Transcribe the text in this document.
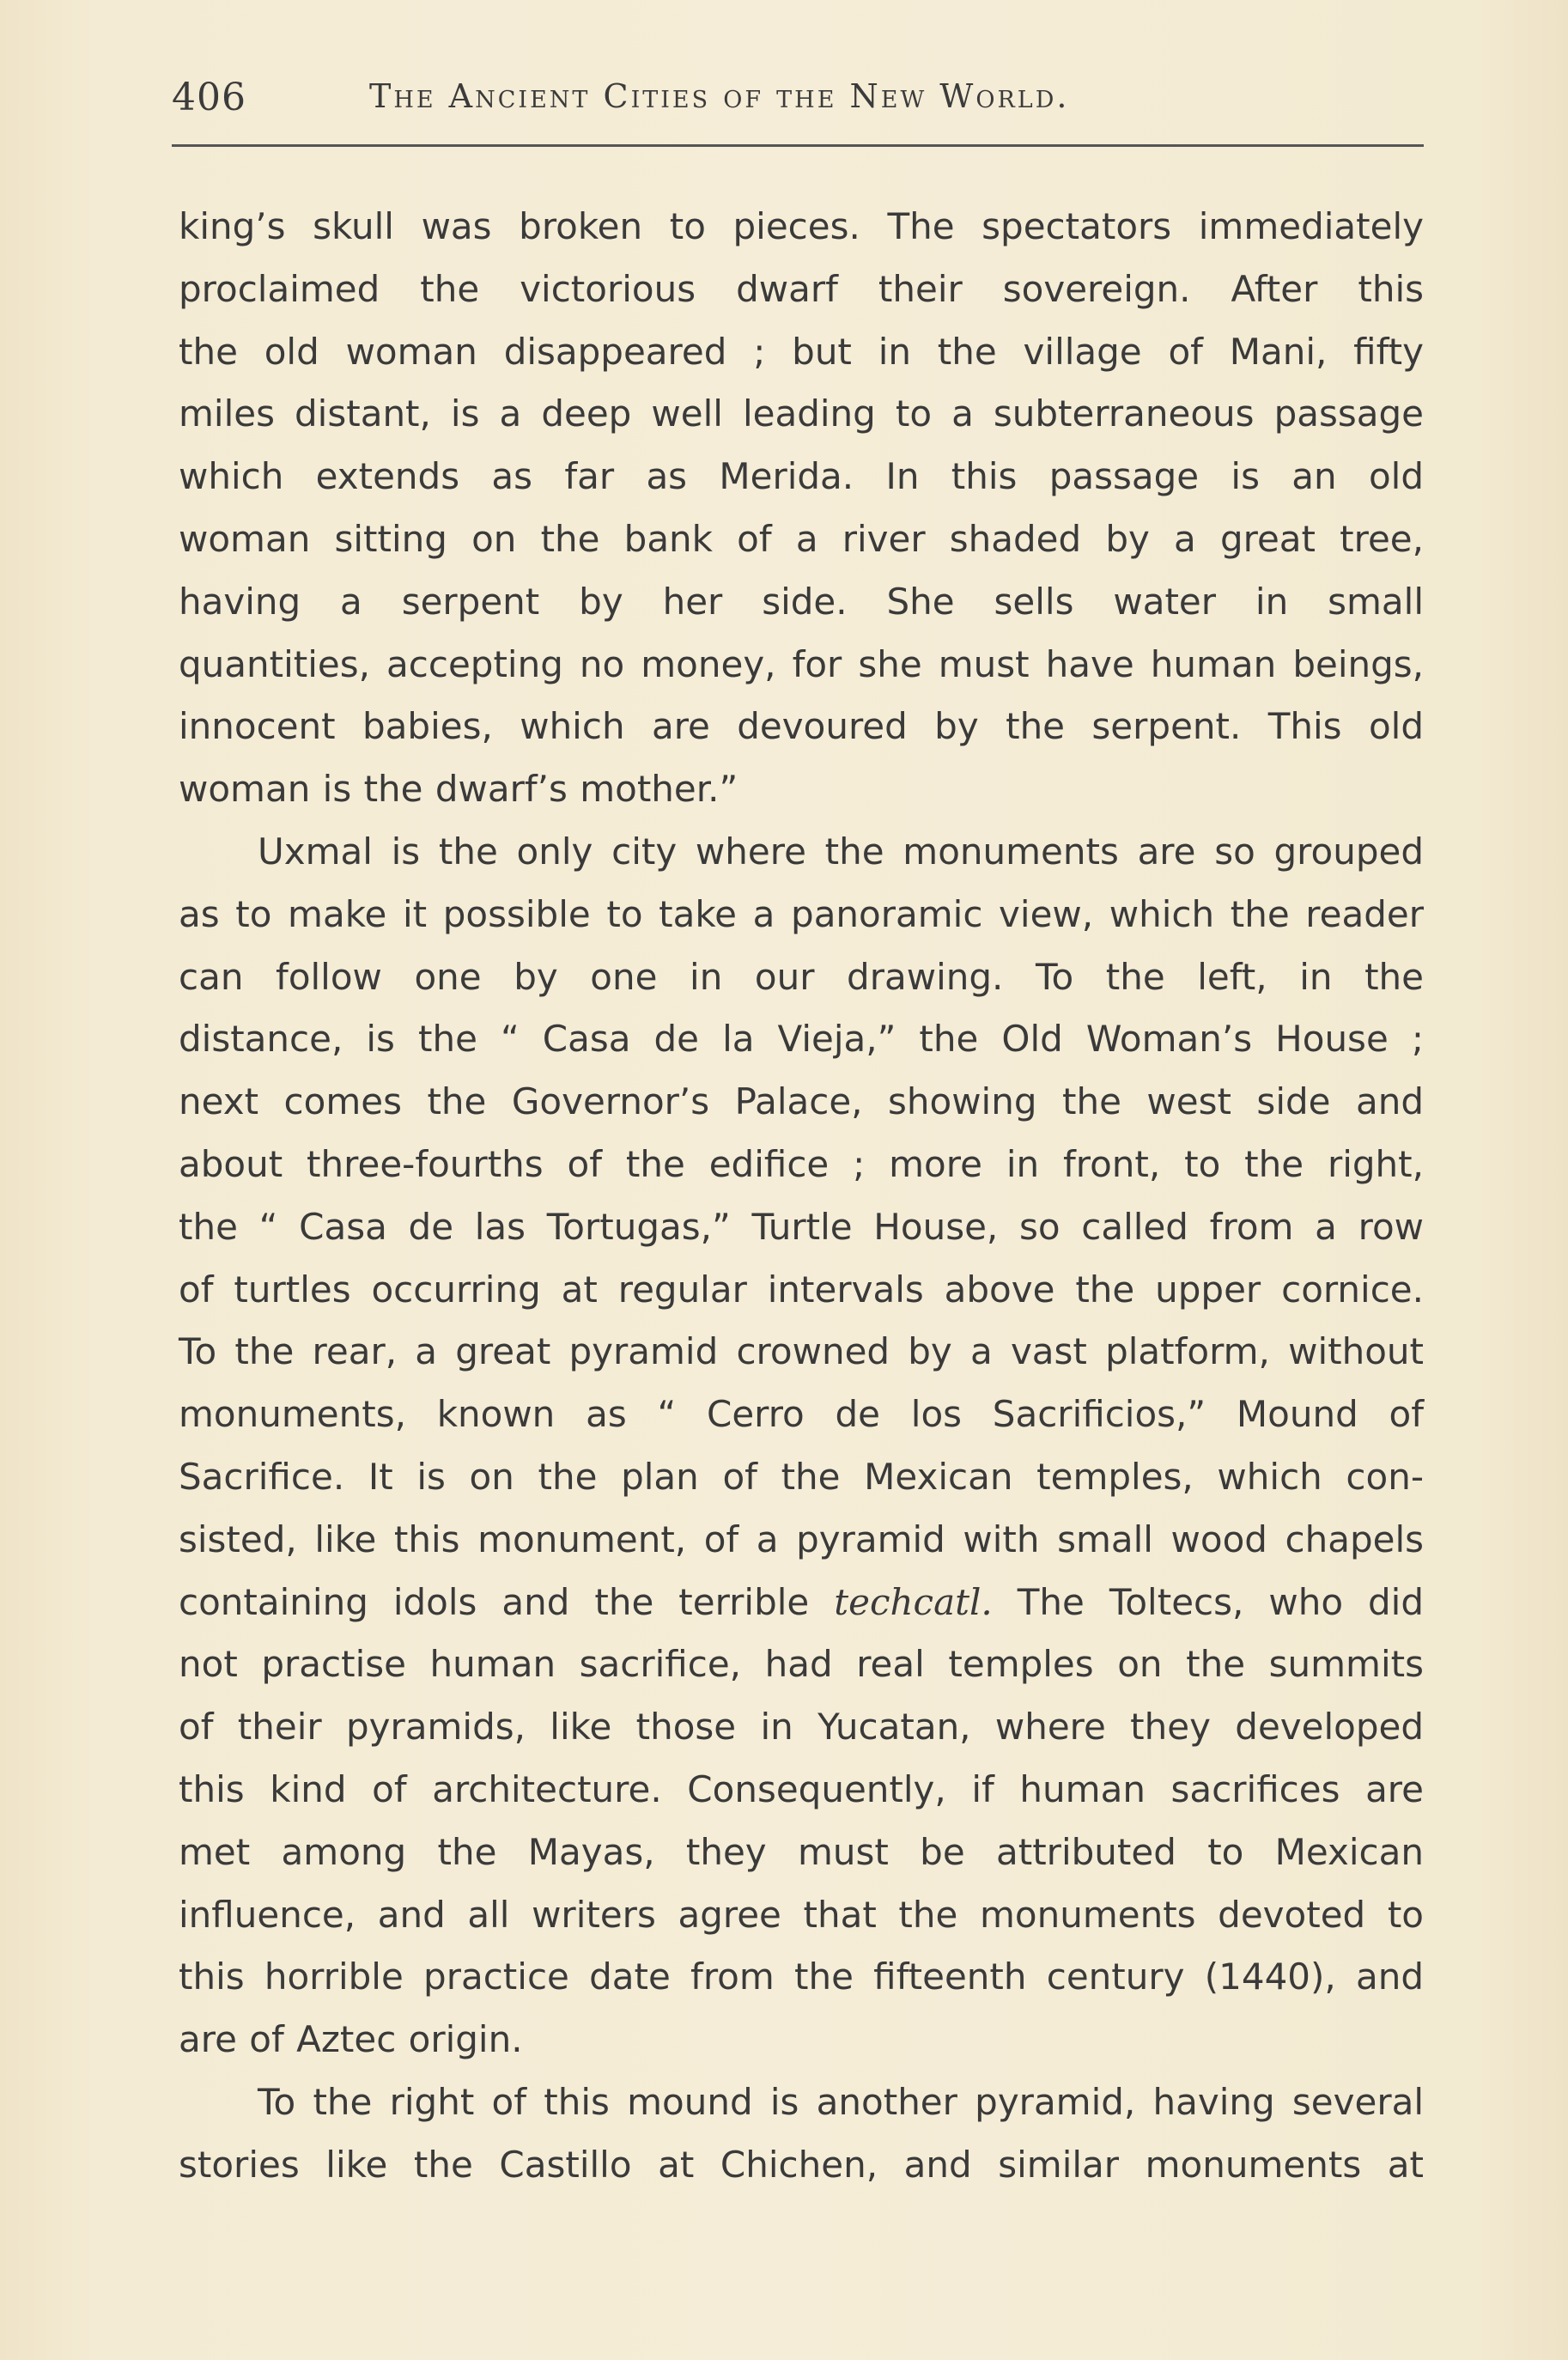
406	The Ancient Cities of the New World.
king’s skull was broken to pieces. The spectators immediately
proclaimed the victorious dwarf their sovereign. After this
the old woman disappeared ; but in the village of Mani, fifty
miles distant, is a deep well leading to a subterraneous passage
which extends as far as Merida. In this passage is an old
woman sitting on the bank of a river shaded by a great tree,
having a serpent by her side. She sells water in small
quantities, accepting no money, for she must have human beings,
innocent babies, which are devoured by the serpent. This old
woman is the dwarf’s mother.”
Uxmal is the only city where the monuments are so grouped
as to make it possible to take a panoramic view, which the reader
can follow one by one in our drawing. To the left, in the
distance, is the “ Casa de la Vieja,” the Old Woman’s House ;
next comes the Governor’s Palace, showing the west side and
about three-fourths of the edifice ; more in front, to the right,
the “ Casa de las Tortugas,” Turtle House, so called from a row
of turtles occurring at regular intervals above the upper cornice.
To the rear, a great pyramid crowned by a vast platform, without
monuments, known as “ Cerro de los Sacrificios,” Mound of
Sacrifice. It is on the plan of the Mexican temples, which con-
sisted, like this monument, of a pyramid with small wood chapels
containing idols and the terrible techcatl. The Toltecs, who did
not practise human sacrifice, had real temples on the summits
of their pyramids, like those in Yucatan, where they developed
this kind of architecture. Consequently, if human sacrifices are
met among the Mayas, they must be attributed to Mexican
influence, and all writers agree that the monuments devoted to
this horrible practice date from the fifteenth century (1440), and
are of Aztec origin.
To the right of this mound is another pyramid, having several
stories like the Castillo at Chichen, and similar monuments at
